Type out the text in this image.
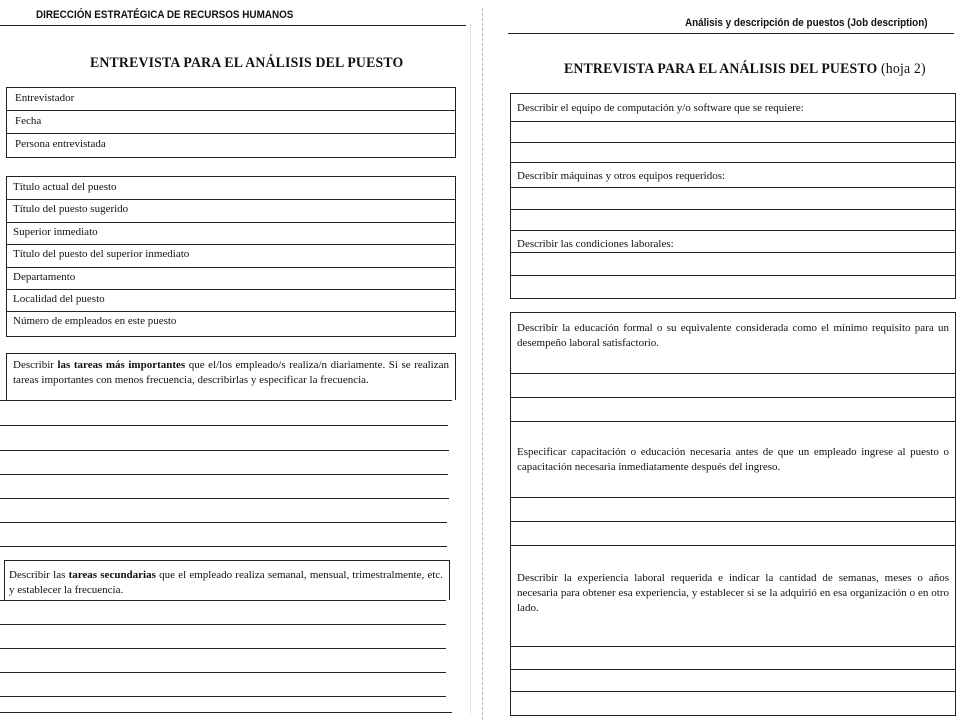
DIRECCIÓN ESTRATÉGICA DE RECURSOS HUMANOS
ENTREVISTA PARA EL ANÁLISIS DEL PUESTO
Entrevistador
Fecha
Persona entrevistada
Título actual del puesto
Título del puesto sugerido
Superior inmediato
Título del puesto del superior inmediato
Departamento
Localidad del puesto
Número de empleados en este puesto
Describir las tareas más importantes que el/los empleado/s realiza/n diariamente. Si se realizan tareas importantes con menos frecuencia, describirlas y especificar la frecuencia.
Describir las tareas secundarias que el empleado realiza semanal, mensual, trimestralmente, etc. y establecer la frecuencia.
Análisis y descripción de puestos (Job description)
ENTREVISTA PARA EL ANÁLISIS DEL PUESTO (hoja 2)
Describir el equipo de computación y/o software que se requiere:
Describir máquinas y otros equipos requeridos:
Describir las condiciones laborales:
Describir la educación formal o su equivalente considerada como el mínimo requisito para un desempeño laboral satisfactorio.
Especificar capacitación o educación necesaria antes de que un empleado ingrese al puesto o capacitación necesaria inmediatamente después del ingreso.
Describir la experiencia laboral requerida e indicar la cantidad de semanas, meses o años necesaria para obtener esa experiencia, y establecer si se la adquirió en esa organización o en otro lado.
